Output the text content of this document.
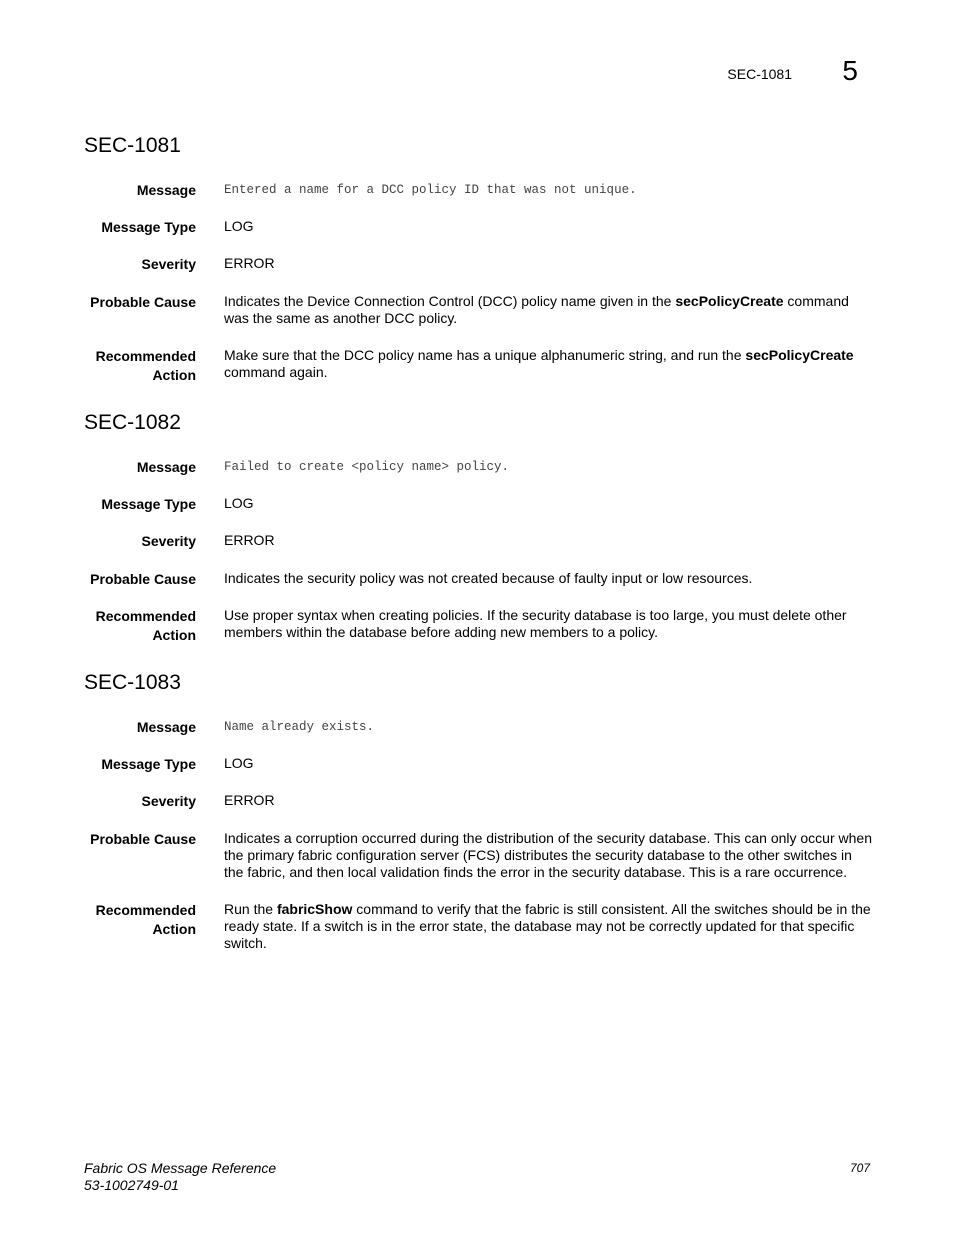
SEC-1081 5
SEC-1081
Message Entered a name for a DCC policy ID that was not unique.
Message Type LOG
Severity ERROR
Probable Cause Indicates the Device Connection Control (DCC) policy name given in the secPolicyCreate command was the same as another DCC policy.
Recommended
Action
Make sure that the DCC policy name has a unique alphanumeric string, and run the secPolicyCreate command again.
SEC-1082
Message Failed to create <policy name> policy.
Message Type LOG
Severity ERROR
Probable Cause Indicates the security policy was not created because of faulty input or low resources.
Recommended
Action
Use proper syntax when creating policies. If the security database is too large, you must delete other members within the database before adding new members to a policy.
SEC-1083
Message Name already exists.
Message Type LOG
Severity ERROR
Probable Cause Indicates a corruption occurred during the distribution of the security database. This can only occur when the primary fabric configuration server (FCS) distributes the security database to the other switches in the fabric, and then local validation finds the error in the security database. This is a rare occurrence.
Recommended
Action
Run the fabricShow command to verify that the fabric is still consistent. All the switches should be in the ready state. If a switch is in the error state, the database may not be correctly updated for that specific switch.
Fabric OS Message Reference
53-1002749-01
707
